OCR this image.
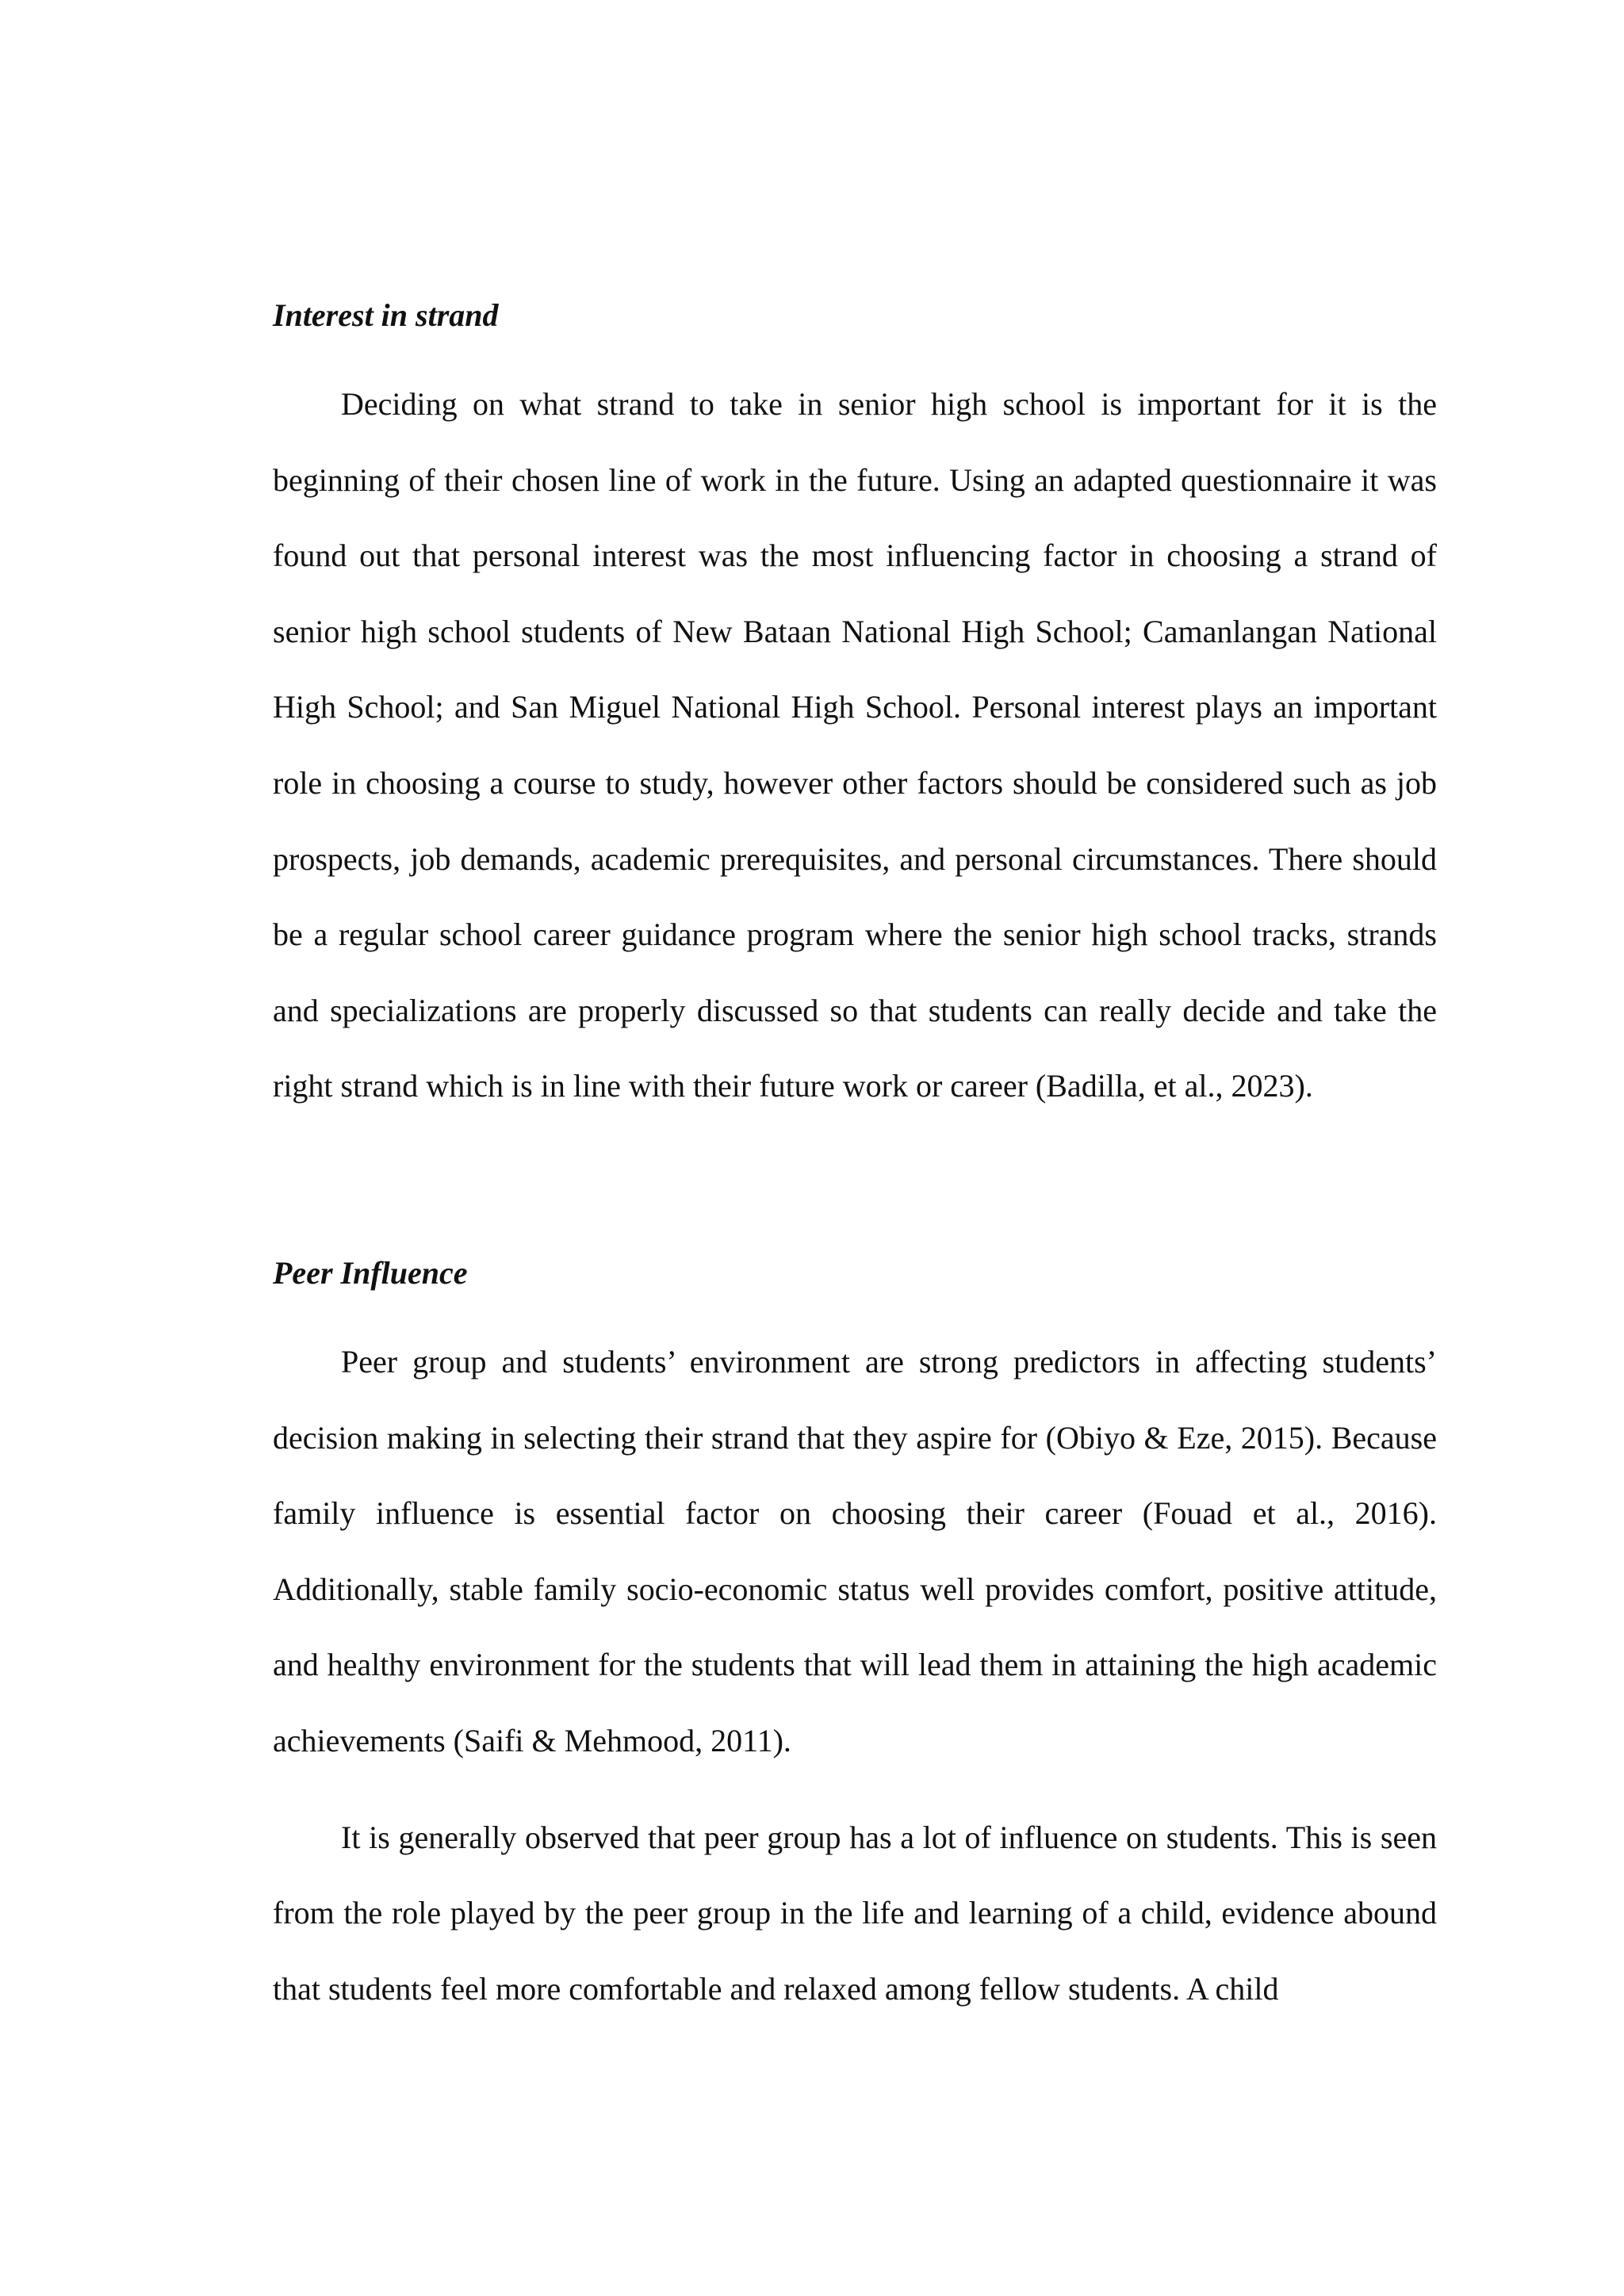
Interest in strand

Deciding on what strand to take in senior high school is important for it is the beginning of their chosen line of work in the future. Using an adapted questionnaire it was found out that personal interest was the most influencing factor in choosing a strand of senior high school students of New Bataan National High School; Camanlangan National High School; and San Miguel National High School. Personal interest plays an important role in choosing a course to study, however other factors should be considered such as job prospects, job demands, academic prerequisites, and personal circumstances. There should be a regular school career guidance program where the senior high school tracks, strands and specializations are properly discussed so that students can really decide and take the right strand which is in line with their future work or career (Badilla, et al., 2023).

Peer Influence

Peer group and students’ environment are strong predictors in affecting students’ decision making in selecting their strand that they aspire for (Obiyo & Eze, 2015). Because family influence is essential factor on choosing their career (Fouad et al., 2016). Additionally, stable family socio-economic status well provides comfort, positive attitude, and healthy environment for the students that will lead them in attaining the high academic achievements (Saifi & Mehmood, 2011).

It is generally observed that peer group has a lot of influence on students. This is seen from the role played by the peer group in the life and learning of a child, evidence abound that students feel more comfortable and relaxed among fellow students. A child
